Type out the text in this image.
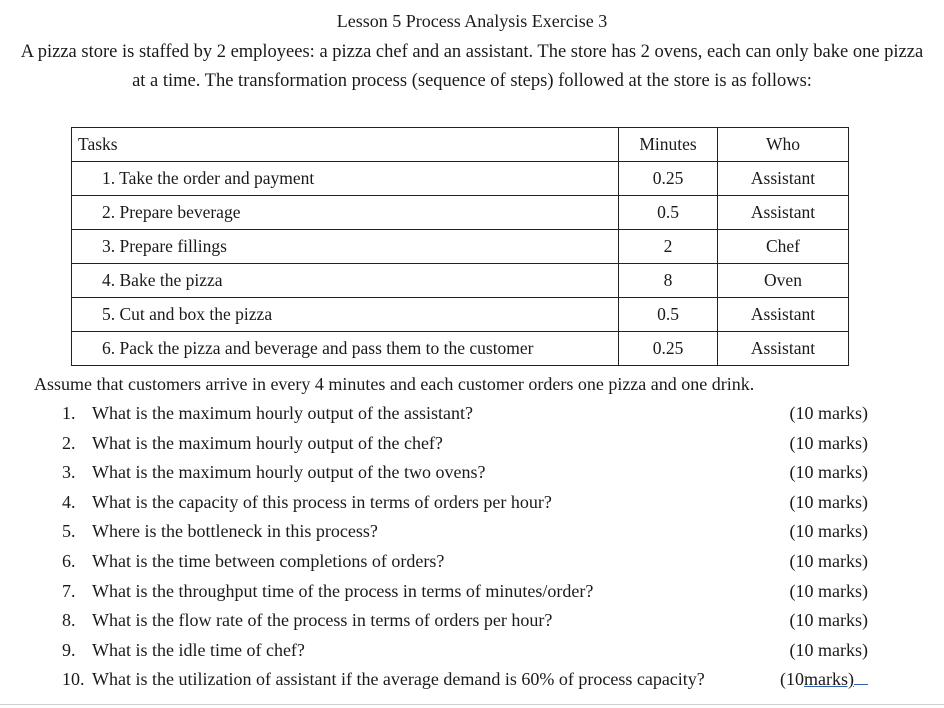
Lesson 5 Process Analysis Exercise 3
A pizza store is staffed by 2 employees: a pizza chef and an assistant. The store has 2 ovens, each can only bake one pizza at a time. The transformation process (sequence of steps) followed at the store is as follows:
Tasks	Minutes	Who
1. Take the order and payment	0.25	Assistant
2. Prepare beverage	0.5	Assistant
3. Prepare fillings	2	Chef
4. Bake the pizza	8	Oven
5. Cut and box the pizza	0.5	Assistant
6. Pack the pizza and beverage and pass them to the customer	0.25	Assistant
Assume that customers arrive in every 4 minutes and each customer orders one pizza and one drink.
1. What is the maximum hourly output of the assistant?	(10 marks)
2. What is the maximum hourly output of the chef?	(10 marks)
3. What is the maximum hourly output of the two ovens?	(10 marks)
4. What is the capacity of this process in terms of orders per hour?	(10 marks)
5. Where is the bottleneck in this process?	(10 marks)
6. What is the time between completions of orders?	(10 marks)
7. What is the throughput time of the process in terms of minutes/order?	(10 marks)
8. What is the flow rate of the process in terms of orders per hour?	(10 marks)
9. What is the idle time of chef?	(10 marks)
10. What is the utilization of assistant if the average demand is 60% of process capacity?	(10marks)
